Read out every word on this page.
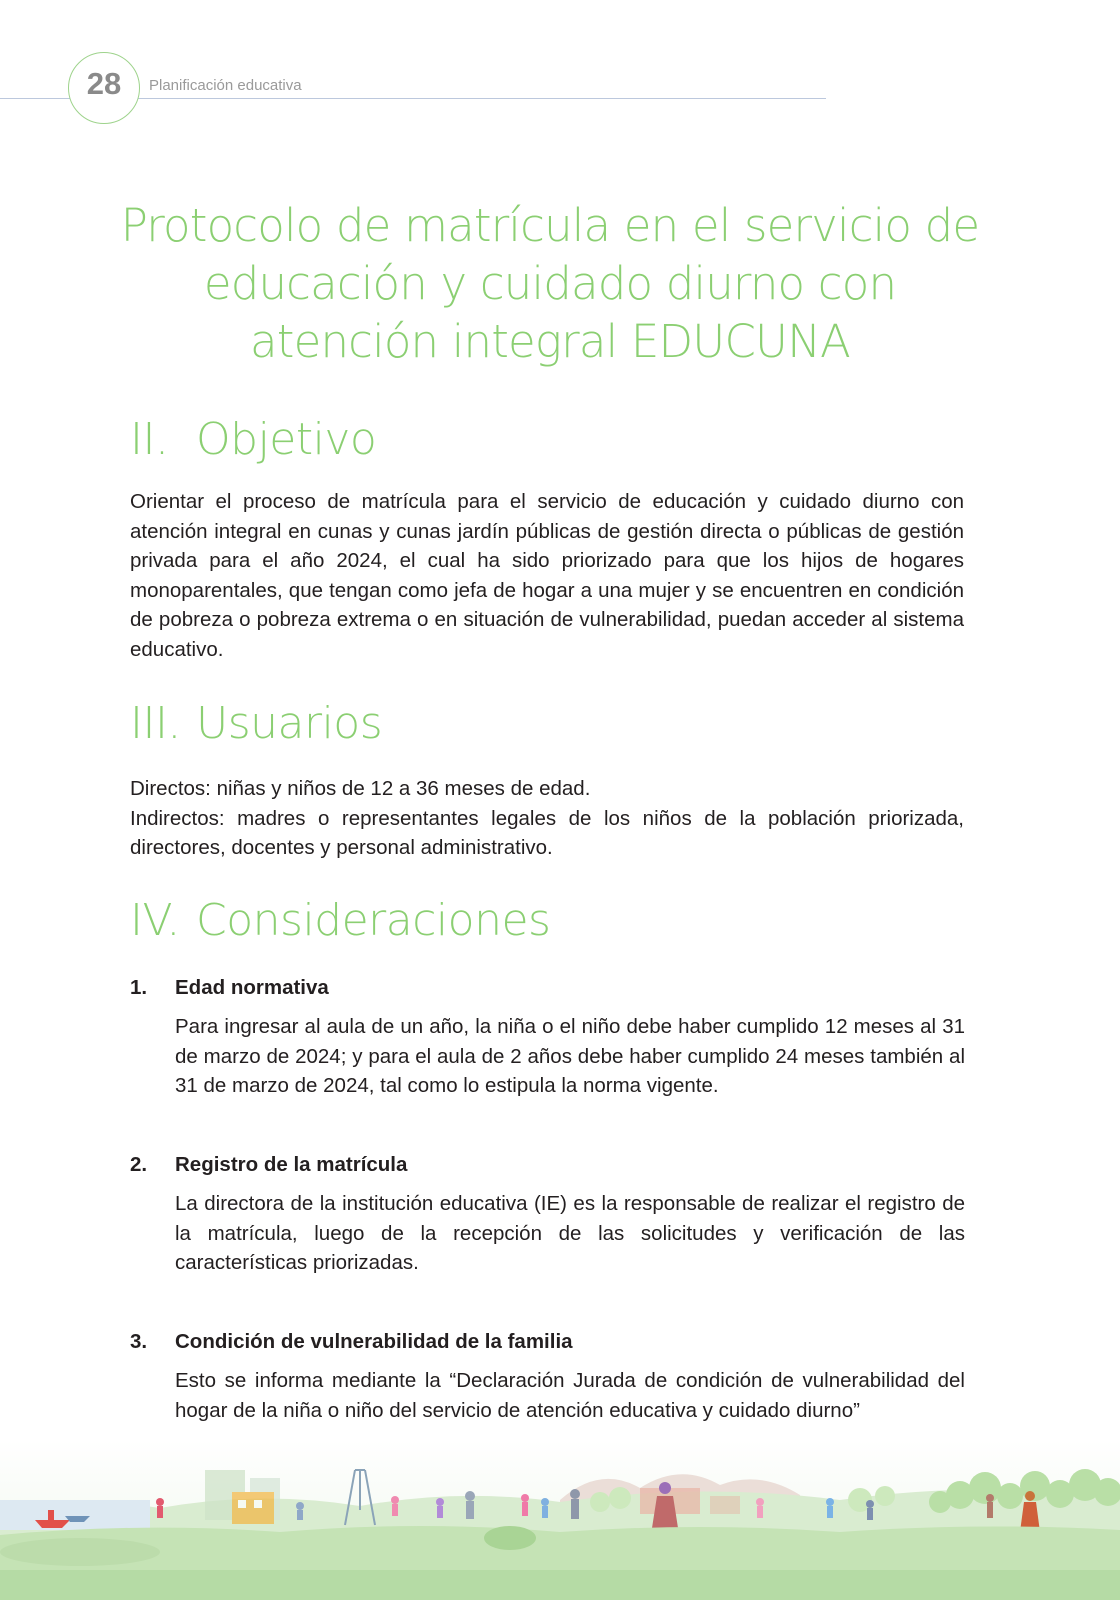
28	Planificación educativa
Protocolo de matrícula en el servicio de educación y cuidado diurno con atención integral EDUCUNA
II. Objetivo

Orientar el proceso de matrícula para el servicio de educación y cuidado diurno con atención integral en cunas y cunas jardín públicas de gestión directa o públicas de gestión privada para el año 2024, el cual ha sido priorizado para que los hijos de hogares monoparentales, que tengan como jefa de hogar a una mujer y se encuentren en condición de pobreza o pobreza extrema o en situación de vulnerabilidad, puedan acceder al sistema educativo.

III. Usuarios

Directos: niñas y niños de 12 a 36 meses de edad.
Indirectos: madres o representantes legales de los niños de la población priorizada, directores, docentes y personal administrativo.

IV. Consideraciones
1. Edad normativa

Para ingresar al aula de un año, la niña o el niño debe haber cumplido 12 meses al 31 de marzo de 2024; y para el aula de 2 años debe haber cumplido 24 meses también al 31 de marzo de 2024, tal como lo estipula la norma vigente.

2. Registro de la matrícula

La directora de la institución educativa (IE) es la responsable de realizar el registro de la matrícula, luego de la recepción de las solicitudes y verificación de las características priorizadas.

3. Condición de vulnerabilidad de la familia

Esto se informa mediante la “Declaración Jurada de condición de vulnerabilidad del hogar de la niña o niño del servicio de atención educativa y cuidado diurno”
